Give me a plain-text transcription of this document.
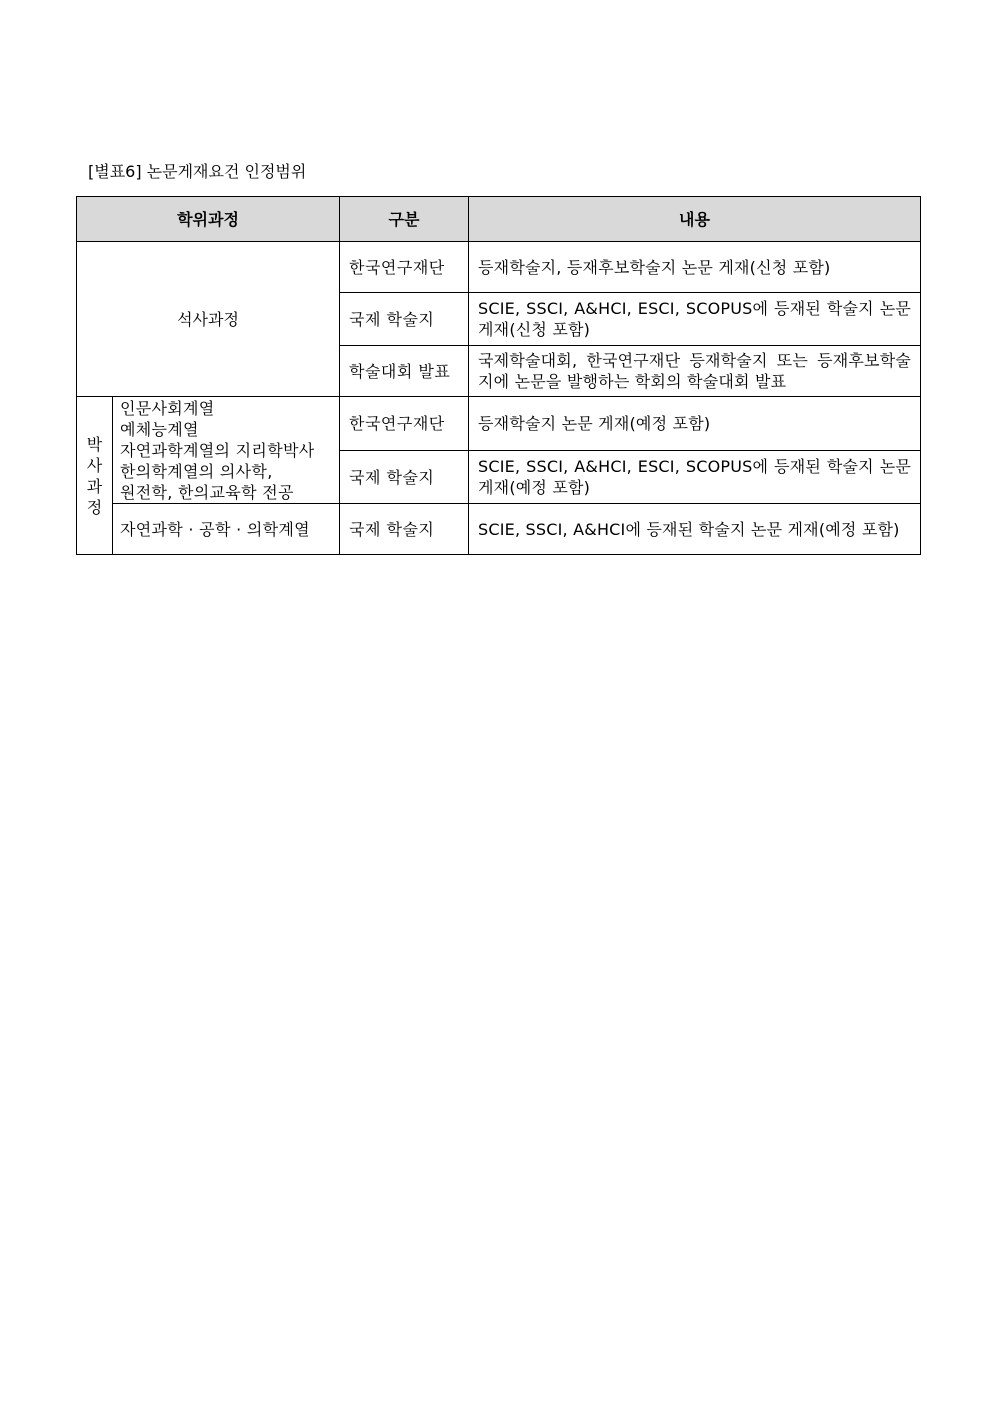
[별표6] 논문게재요건 인정범위
학위과정		구분	내용
석사과정		한국연구재단	등재학술지, 등재후보학술지 논문 게재(신청 포함)
		국제 학술지	SCIE, SSCI, A&HCI, ESCI, SCOPUS에 등재된 학술지 논문 게재(신청 포함)
		학술대회 발표	국제학술대회, 한국연구재단 등재학술지 또는 등재후보학술지에 논문을 발행하는 학회의 학술대회 발표

박
사
과
정	인문사회계열
예체능계열
자연과학계열의 지리학박사
한의학계열의 의사학,
원전학, 한의교육학 전공	한국연구재단	등재학술지 논문 게재(예정 포함)
		국제 학술지	SCIE, SSCI, A&HCI, ESCI, SCOPUS에 등재된 학술지 논문 게재(예정 포함)
	자연과학 · 공학 · 의학계열	국제 학술지	SCIE, SSCI, A&HCI에 등재된 학술지 논문 게재(예정 포함)
